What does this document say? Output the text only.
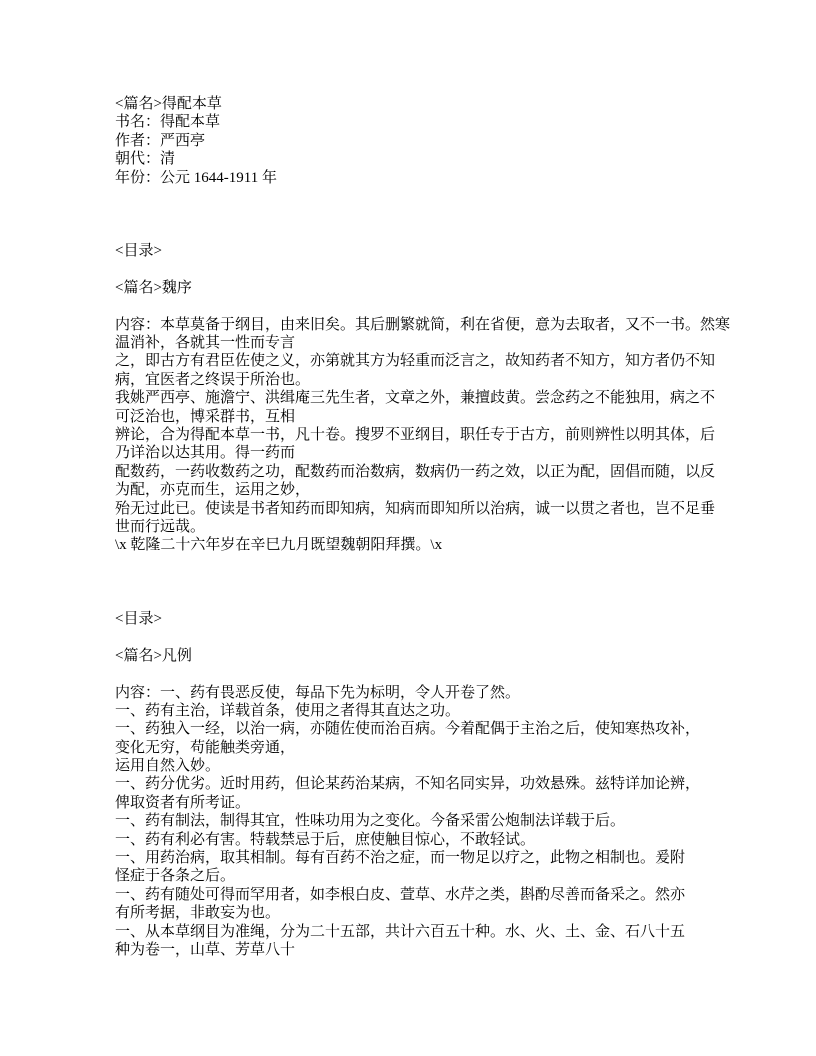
<篇名>得配本草
书名：得配本草
作者：严西亭
朝代：清
年份：公元 1644-1911 年

<目录>

<篇名>魏序

内容：本草莫备于纲目，由来旧矣。其后删繁就简，利在省便，意为去取者，又不一书。然寒
温消补，各就其一性而专言
之，即古方有君臣佐使之义，亦第就其方为轻重而泛言之，故知药者不知方，知方者仍不知
病，宜医者之终误于所治也。
我姚严西亭、施澹宁、洪缉庵三先生者，文章之外，兼擅歧黄。尝念药之不能独用，病之不
可泛治也，博采群书，互相
辨论，合为得配本草一书，凡十卷。搜罗不亚纲目，职任专于古方，前则辨性以明其体，后
乃详治以达其用。得一药而
配数药，一药收数药之功，配数药而治数病，数病仍一药之效，以正为配，固倡而随，以反
为配，亦克而生，运用之妙，
殆无过此已。使读是书者知药而即知病，知病而即知所以治病，诚一以贯之者也，岂不足垂
世而行远哉。
\x 乾隆二十六年岁在辛巳九月既望魏朝阳拜撰。\x

<目录>

<篇名>凡例

内容：一、药有畏恶反使，每品下先为标明，令人开卷了然。
一、药有主治，详载首条，使用之者得其直达之功。
一、药独入一经，以治一病，亦随佐使而治百病。今着配偶于主治之后，使知寒热攻补，
变化无穷，苟能触类旁通，
运用自然入妙。
一、药分优劣。近时用药，但论某药治某病，不知名同实异，功效悬殊。兹特详加论辨，
俾取资者有所考证。
一、药有制法，制得其宜，性味功用为之变化。今备采雷公炮制法详载于后。
一、药有利必有害。特载禁忌于后，庶使触目惊心，不敢轻试。
一、用药治病，取其相制。每有百药不治之症，而一物足以疗之，此物之相制也。爰附
怪症于各条之后。
一、药有随处可得而罕用者，如李根白皮、萱草、水芹之类，斟酌尽善而备采之。然亦
有所考据，非敢妄为也。
一、从本草纲目为准绳，分为二十五部，共计六百五十种。水、火、土、金、石八十五
种为卷一，山草、芳草八十
